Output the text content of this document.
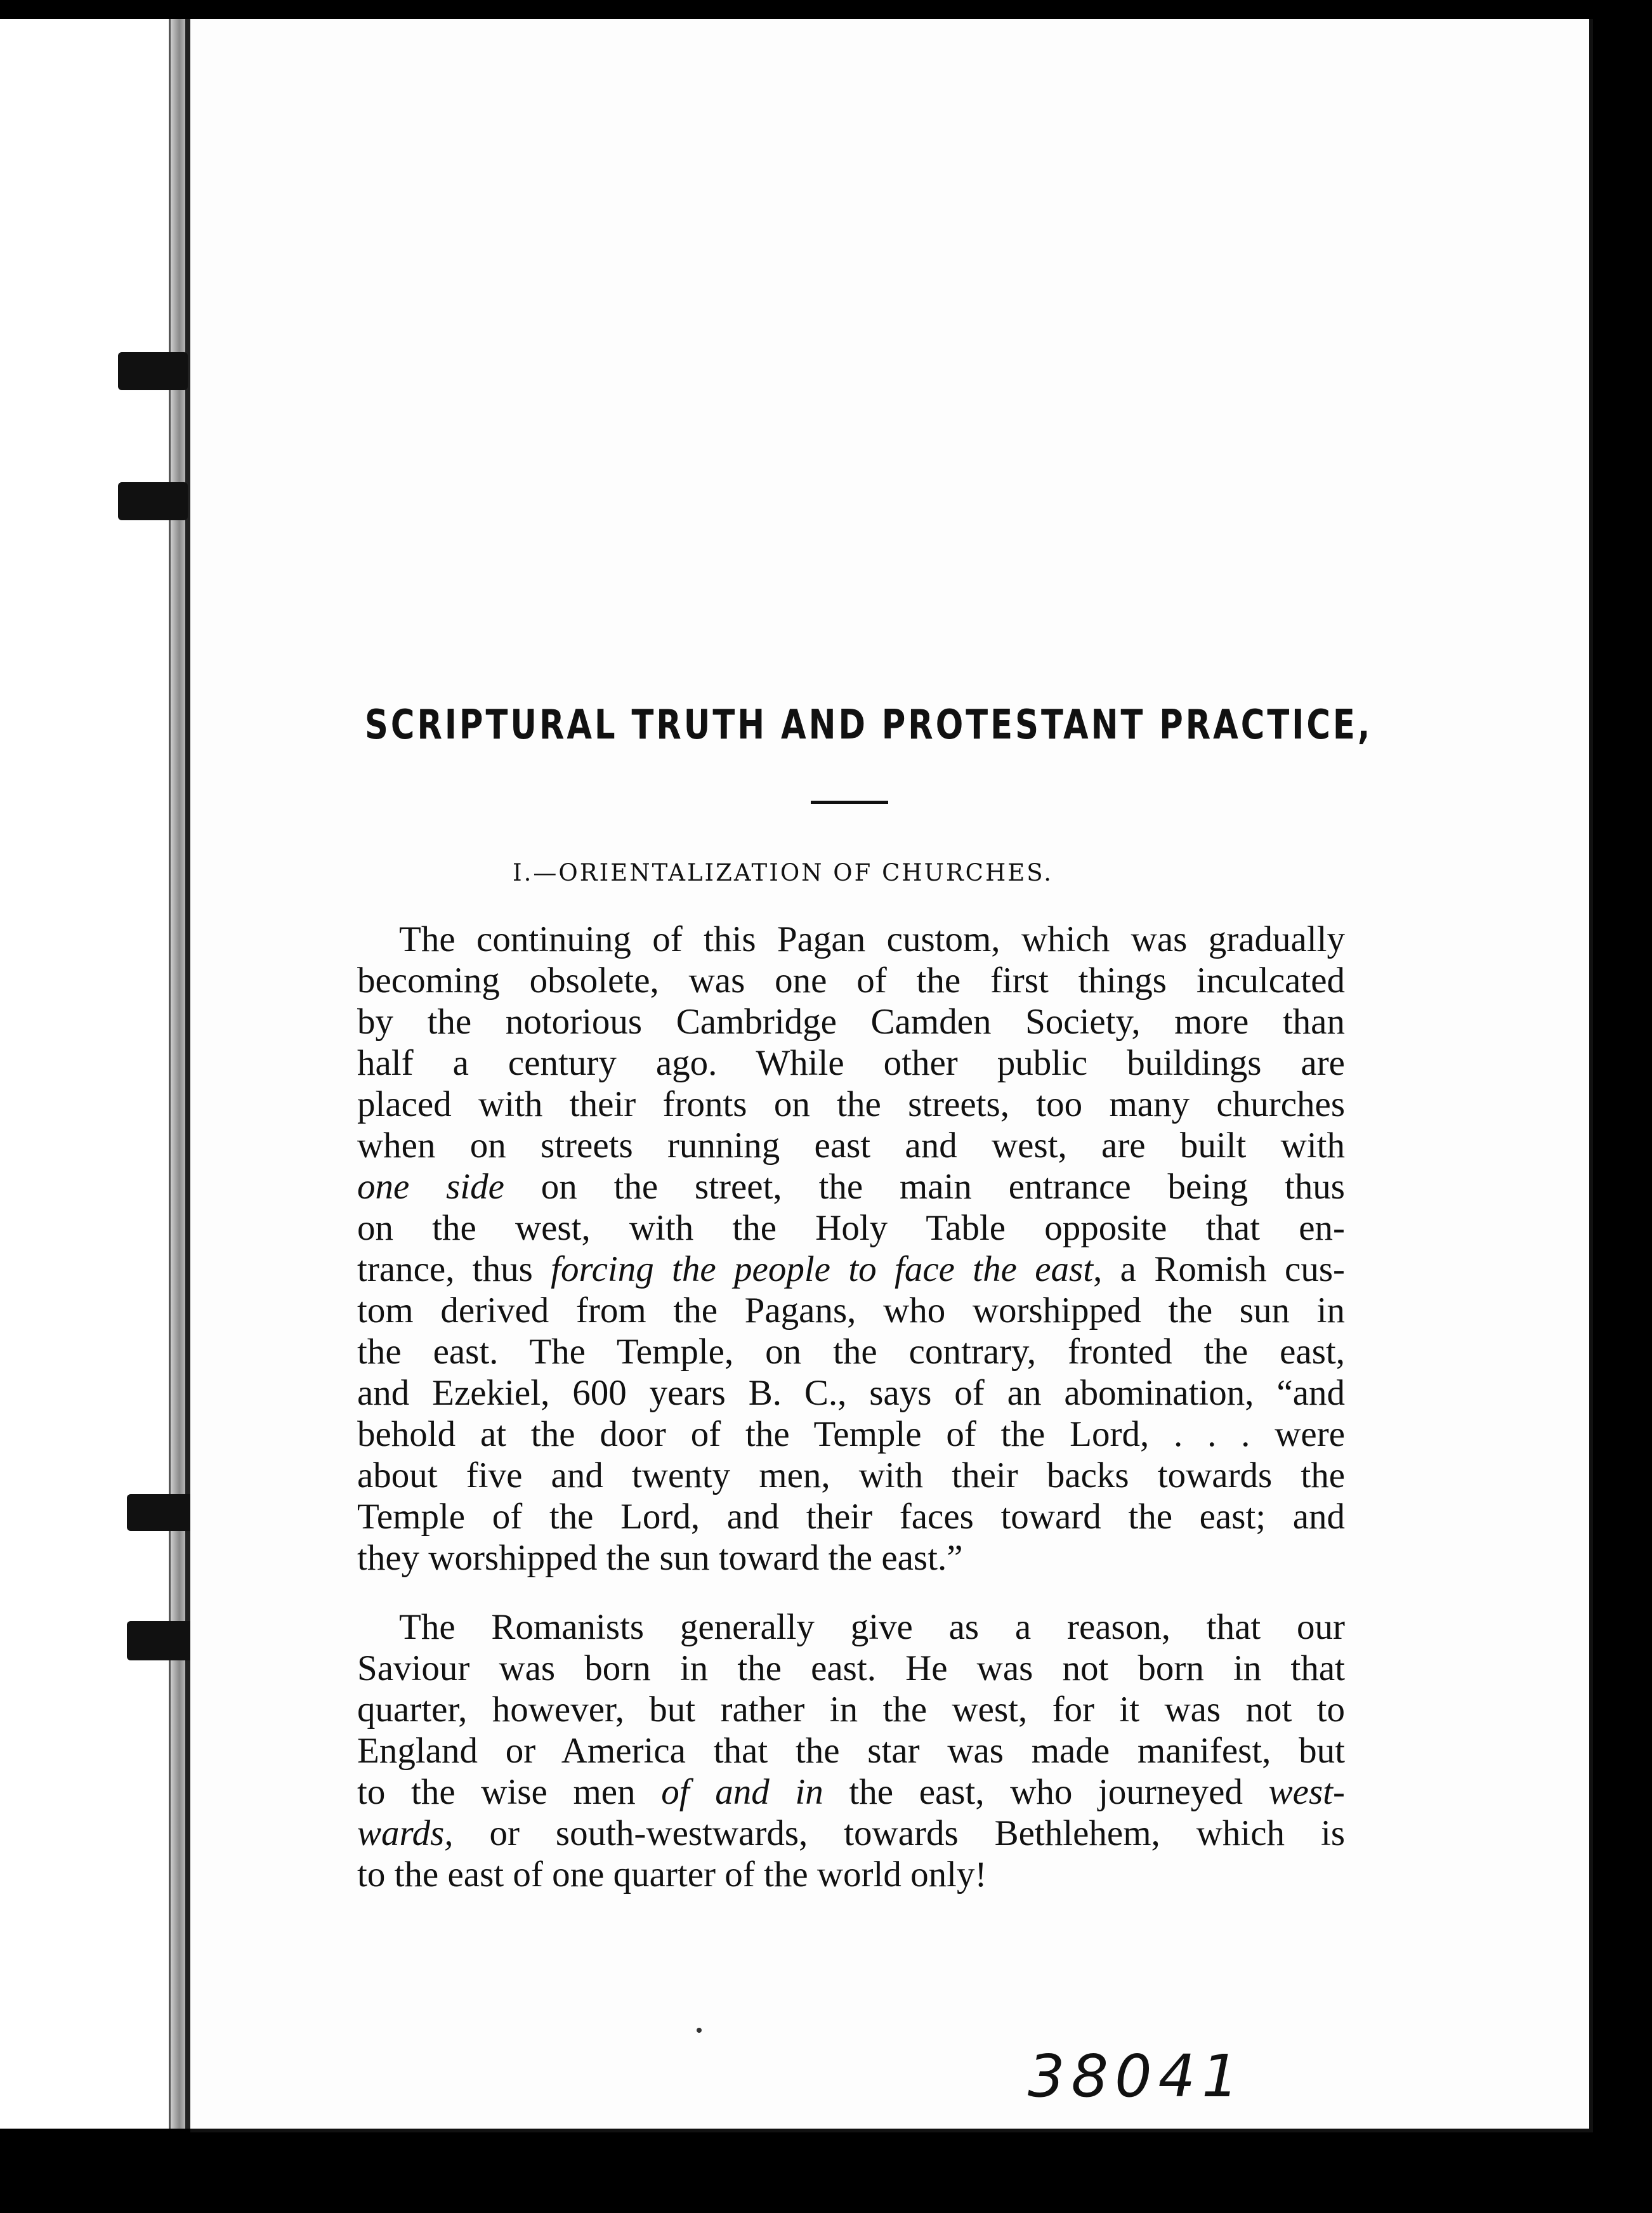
SCRIPTURAL TRUTH AND PROTESTANT PRACTICE,
I.—ORIENTALIZATION OF CHURCHES.
The continuing of this Pagan custom, which was gradually
becoming obsolete, was one of the first things inculcated
by the notorious Cambridge Camden Society, more than
half a century ago. While other public buildings are
placed with their fronts on the streets, too many churches
when on streets running east and west, are built with
one side on the street, the main entrance being thus
on the west, with the Holy Table opposite that en-
trance, thus forcing the people to face the east, a Romish cus-
tom derived from the Pagans, who worshipped the sun in
the east. The Temple, on the contrary, fronted the east,
and Ezekiel, 600 years B. C., says of an abomination, “and
behold at the door of the Temple of the Lord, . . . were
about five and twenty men, with their backs towards the
Temple of the Lord, and their faces toward the east; and
they worshipped the sun toward the east.”
The Romanists generally give as a reason, that our
Saviour was born in the east. He was not born in that
quarter, however, but rather in the west, for it was not to
England or America that the star was made manifest, but
to the wise men of and in the east, who journeyed west-
wards, or south-westwards, towards Bethlehem, which is
to the east of one quarter of the world only!
38041
